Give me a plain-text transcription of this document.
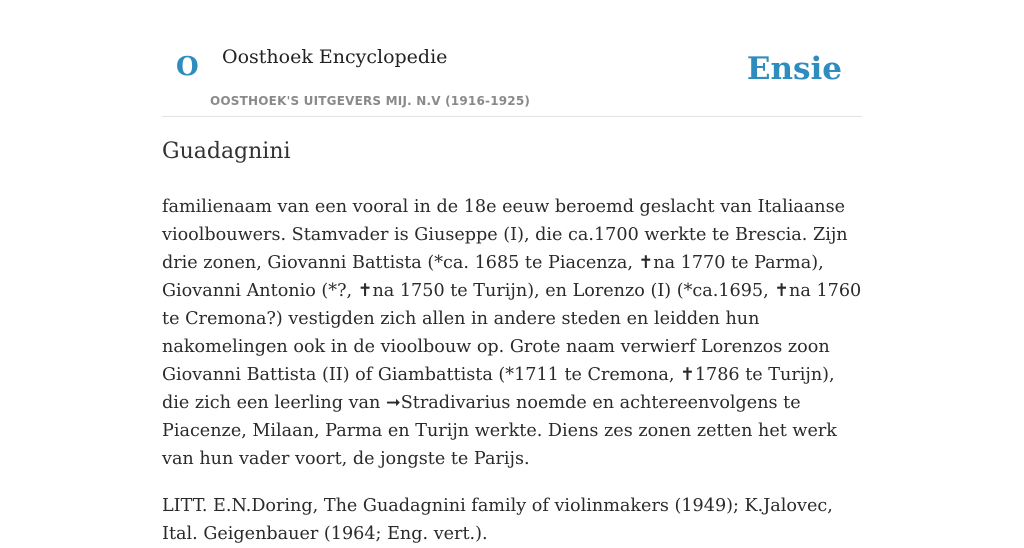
O Oosthoek Encyclopedie
OOSTHOEK'S UITGEVERS MIJ. N.V (1916-1925)
Ensie
Guadagnini

familienaam van een vooral in de 18e eeuw beroemd geslacht van Italiaanse vioolbouwers. Stamvader is Giuseppe (I), die ca.1700 werkte te Brescia. Zijn drie zonen, Giovanni Battista (*ca. 1685 te Piacenza, ✝na 1770 te Parma), Giovanni Antonio (*?, ✝na 1750 te Turijn), en Lorenzo (I) (*ca.1695, ✝na 1760 te Cremona?) vestigden zich allen in andere steden en leidden hun nakomelingen ook in de vioolbouw op. Grote naam verwierf Lorenzos zoon Giovanni Battista (II) of Giambattista (*1711 te Cremona, ✝1786 te Turijn), die zich een leerling van ➞Stradivarius noemde en achtereenvolgens te Piacenze, Milaan, Parma en Turijn werkte. Diens zes zonen zetten het werk van hun vader voort, de jongste te Parijs.

LITT. E.N.Doring, The Guadagnini family of violinmakers (1949); K.Jalovec, Ital. Geigenbauer (1964; Eng. vert.).
